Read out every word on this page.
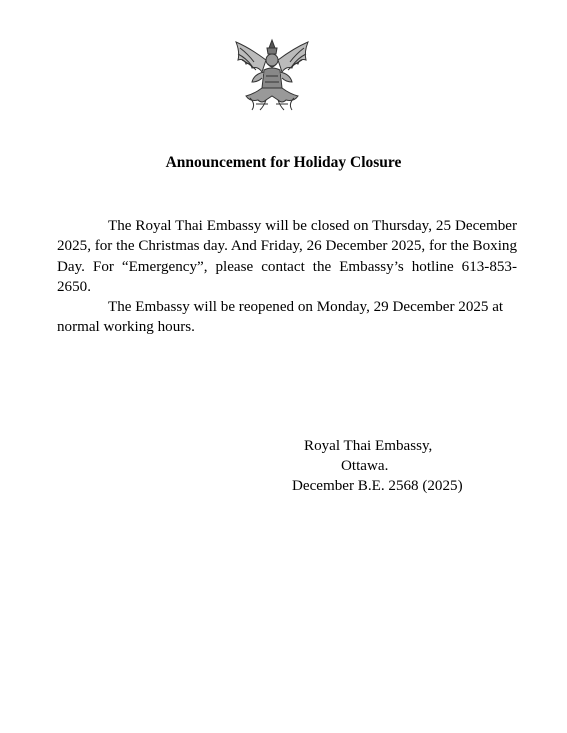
Announcement for Holiday Closure

The Royal Thai Embassy will be closed on Thursday, 25 December 2025, for the Christmas day. And Friday, 26 December 2025, for the Boxing Day. For “Emergency”, please contact the Embassy’s hotline 613-853-2650.

The Embassy will be reopened on Monday, 29 December 2025 at normal working hours.

Royal Thai Embassy,
Ottawa.
December B.E. 2568 (2025)
